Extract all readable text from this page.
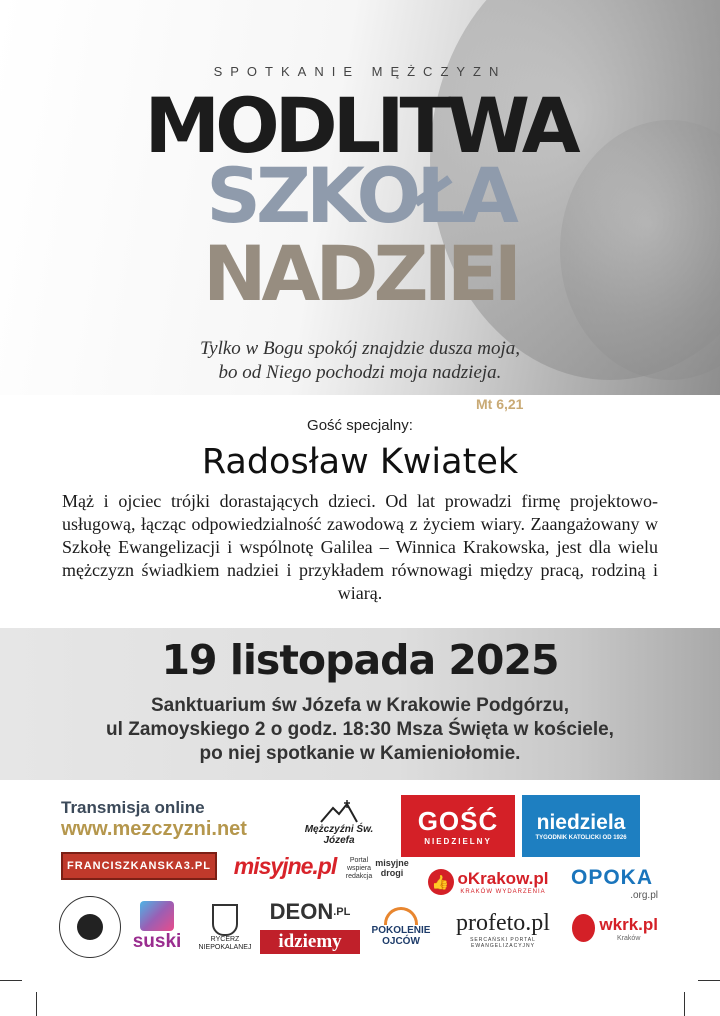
SPOTKANIE MĘŻCZYZN
MODLITWA
SZKOŁA
NADZIEI
Tylko w Bogu spokój znajdzie dusza moja,
bo od Niego pochodzi moja nadzieja.
Mt 6,21
Gość specjalny:
Radosław Kwiatek
Mąż i ojciec trójki dorastających dzieci. Od lat prowadzi firmę projektowo-usługową, łącząc odpowiedzialność zawodową z życiem wiary. Zaangażowany w Szkołę Ewangelizacji i wspólnotę Galilea – Winnica Krakowska, jest dla wielu mężczyzn świadkiem nadziei i przykładem równowagi między pracą, rodziną i wiarą.
19 listopada 2025
Sanktuarium św Józefa w Krakowie Podgórzu,
ul Zamoyskiego 2 o godz. 18:30 Msza Święta w kościele,
po niej spotkanie w Kamieniołomie.
Transmisja online
www.mezczyzni.net	Mężczyźni Św. Józefa
GOŚĆ
NIEDZIELNY
niedziela
TYGODNIK KATOLICKI OD 1926
FRANCISZKANSKA3.PL misyjne.pl	Portal wspiera redakcja
misyjne drogi
👍 oKrakow.pl
KRAKÓW WYDARZENIA
OPOKA
.org.pl
suski	RYCERZ NIEPOKALANEJ
DEON .PL
idziemy
POKOLENIE OJCÓW
profeto.pl
SERCAŃSKI PORTAL EWANGELIZACYJNY
wkrk.pl
Kraków
